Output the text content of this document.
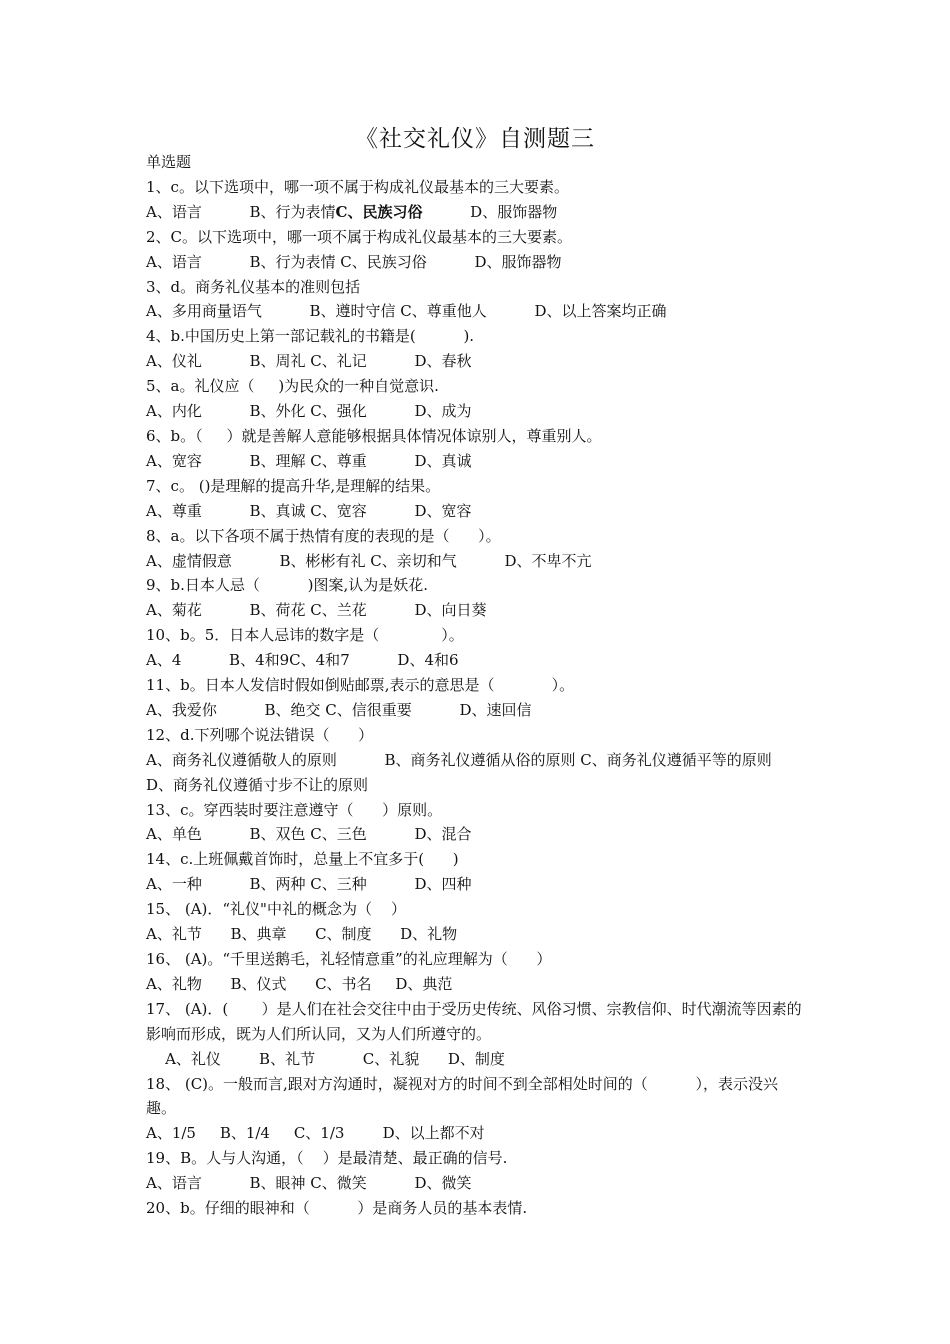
《社交礼仪》自测题三
单选题
1、c。以下选项中，哪一项不属于构成礼仪最基本的三大要素。
A、语言          B、行为表情C、民族习俗          D、服饰器物
2、C。以下选项中，哪一项不属于构成礼仪最基本的三大要素。
A、语言          B、行为表情 C、民族习俗          D、服饰器物
3、d。商务礼仪基本的准则包括
A、多用商量语气          B、遵时守信 C、尊重他人          D、以上答案均正确
4、b.中国历史上第一部记载礼的书籍是(          ).
A、仪礼          B、周礼 C、礼记          D、春秋
5、a。礼仪应（     )为民众的一种自觉意识.
A、内化          B、外化 C、强化          D、成为
6、b。（     ）就是善解人意能够根据具体情况体谅别人，尊重别人。
A、宽容          B、理解 C、尊重          D、真诚
7、c。 ()是理解的提高升华,是理解的结果。
A、尊重          B、真诚 C、宽容          D、宽容
8、a。以下各项不属于热情有度的表现的是（      ）。
A、虚情假意          B、彬彬有礼 C、亲切和气          D、不卑不亢
9、b.日本人忌（          )图案,认为是妖花.
A、菊花          B、荷花 C、兰花          D、向日葵
10、b。5．日本人忌讳的数字是（             ）。
A、4          B、4和9C、4和7          D、4和6
11、b。日本人发信时假如倒贴邮票,表示的意思是（            ）。
A、我爱你          B、绝交 C、信很重要          D、速回信
12、d.下列哪个说法错误（      ）
A、商务礼仪遵循敬人的原则          B、商务礼仪遵循从俗的原则 C、商务礼仪遵循平等的原则          D、商务礼仪遵循寸步不让的原则
13、c。穿西装时要注意遵守（      ）原则。
A、单色          B、双色 C、三色          D、混合
14、c.上班佩戴首饰时，总量上不宜多于(      )
A、一种          B、两种 C、三种          D、四种
15、 (A)．“礼仪"中礼的概念为（    ）
A、礼节      B、典章      C、制度      D、礼物
16、 (A)。“千里送鹅毛，礼轻情意重”的礼应理解为（      ）
A、礼物      B、仪式      C、书名     D、典范
17、 (A)．(       ）是人们在社会交往中由于受历史传统、风俗习惯、宗教信仰、时代潮流等因素的影响而形成，既为人们所认同，又为人们所遵守的。
A、礼仪        B、礼节          C、礼貌      D、制度
18、 (C)。一般而言,跟对方沟通时，凝视对方的时间不到全部相处时间的（          ），表示没兴趣。
A、1/5     B、1/4     C、1/3        D、以上都不对
19、B。人与人沟通，（    ）是最清楚、最正确的信号.
A、语言          B、眼神 C、微笑          D、微笑
20、b。仔细的眼神和（          ）是商务人员的基本表情.
